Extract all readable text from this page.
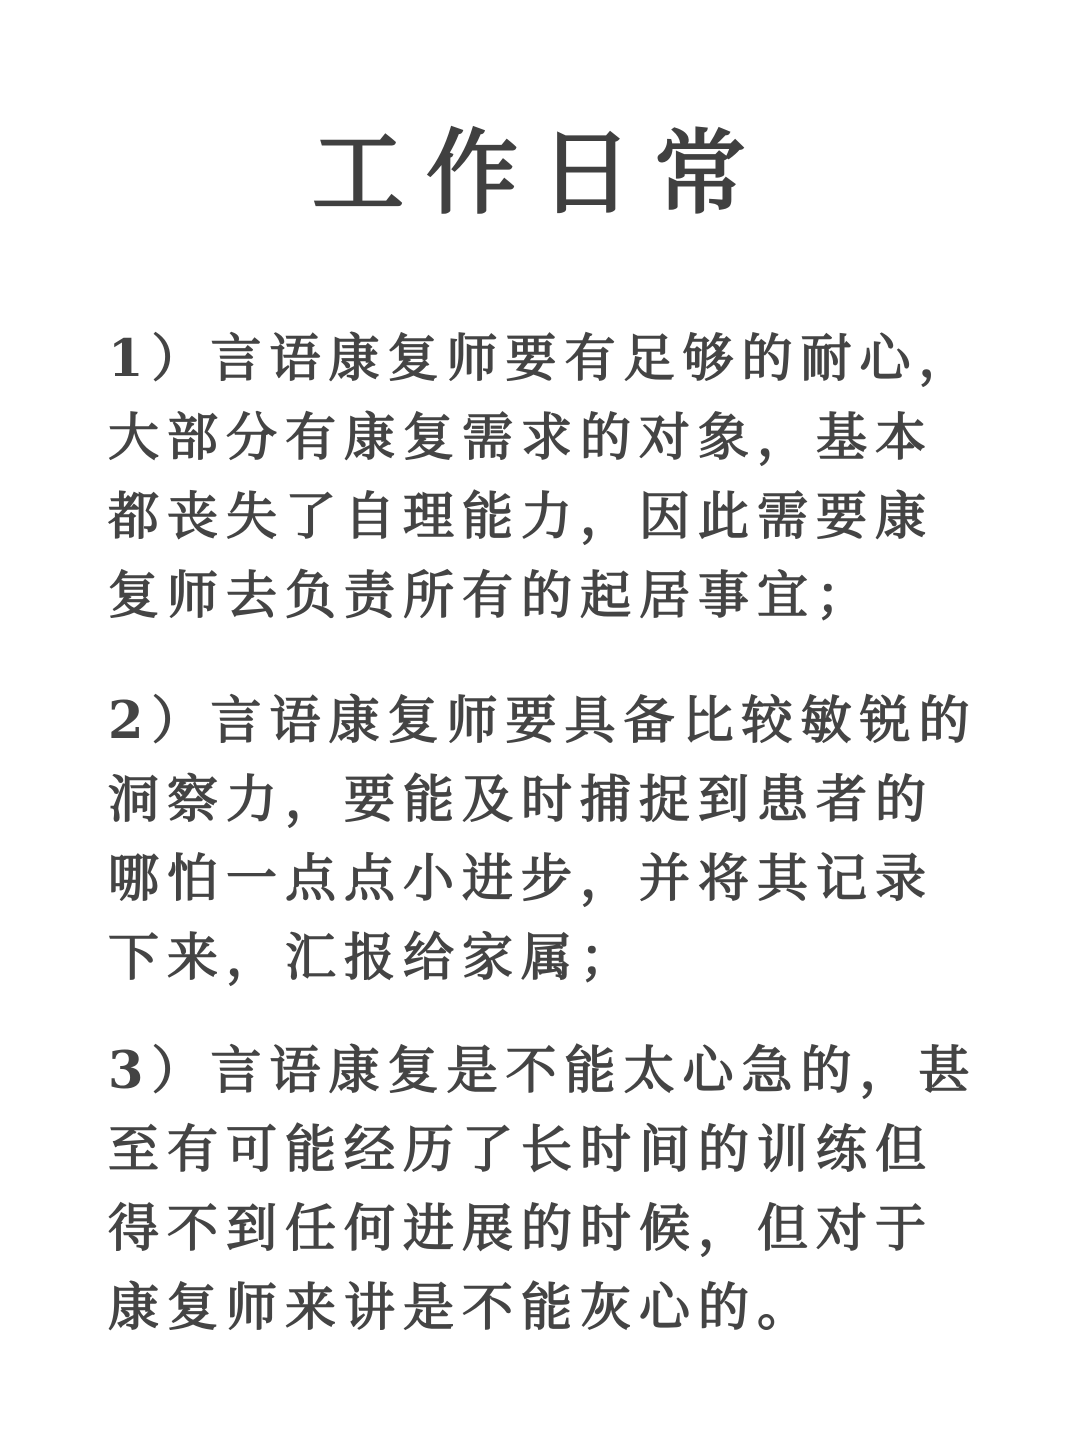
工作日常
1）言语康复师要有足够的耐心，
大部分有康复需求的对象，基本
都丧失了自理能力，因此需要康
复师去负责所有的起居事宜；
2）言语康复师要具备比较敏锐的
洞察力，要能及时捕捉到患者的
哪怕一点点小进步，并将其记录
下来，汇报给家属；
3）言语康复是不能太心急的，甚
至有可能经历了长时间的训练但
得不到任何进展的时候，但对于
康复师来讲是不能灰心的。
